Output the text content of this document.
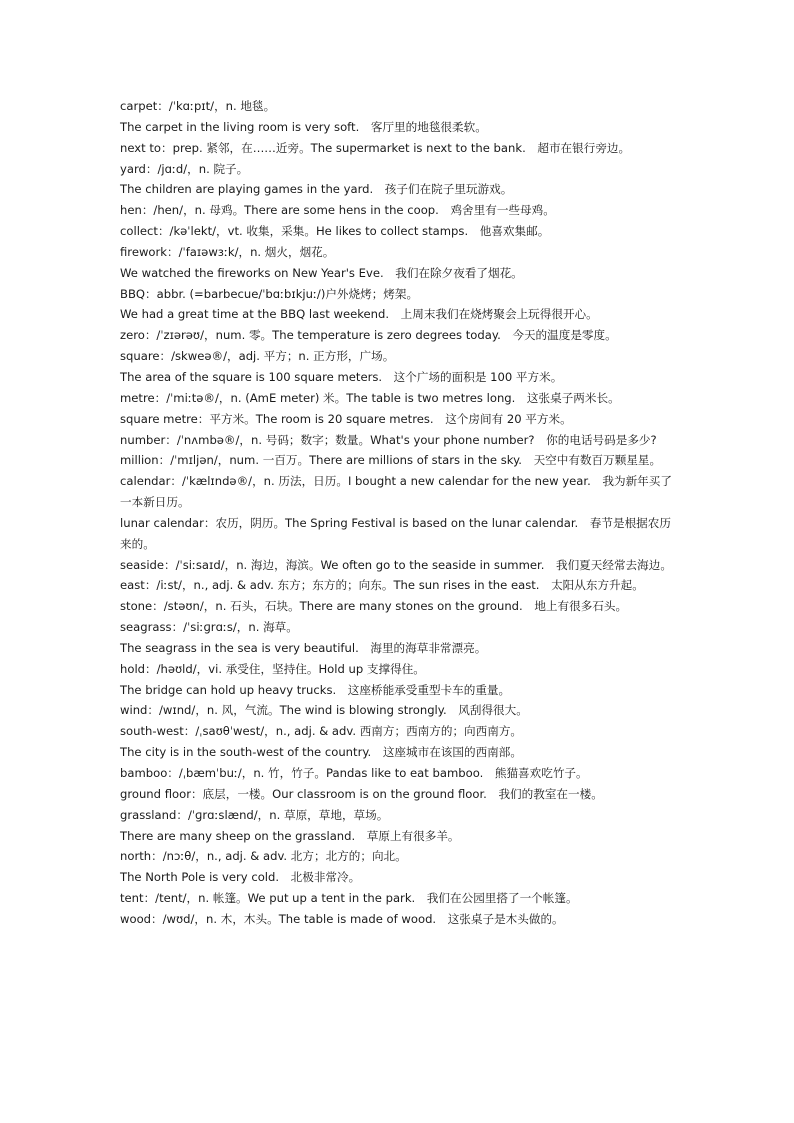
carpet：/ˈkɑːpɪt/，n. 地毯。

The carpet in the living room is very soft.　客厅里的地毯很柔软。

next to：prep. 紧邻，在……近旁。The supermarket is next to the bank.　超市在银行旁边。

yard：/jɑːd/，n. 院子。

The children are playing games in the yard.　孩子们在院子里玩游戏。

hen：/hen/，n. 母鸡。There are some hens in the coop.　鸡舍里有一些母鸡。

collect：/kəˈlekt/，vt. 收集，采集。He likes to collect stamps.　他喜欢集邮。

firework：/ˈfaɪəwɜːk/，n. 烟火，烟花。

We watched the fireworks on New Year's Eve.　我们在除夕夜看了烟花。

BBQ：abbr. (=barbecue/ˈbɑːbɪkjuː/)户外烧烤；烤架。

We had a great time at the BBQ last weekend.　上周末我们在烧烤聚会上玩得很开心。

zero：/ˈzɪərəʊ/，num. 零。The temperature is zero degrees today.　今天的温度是零度。

square：/skweə®/，adj. 平方；n. 正方形，广场。

The area of the square is 100 square meters.　这个广场的面积是 100 平方米。

metre：/ˈmiːtə®/，n. (AmE meter) 米。The table is two metres long.　这张桌子两米长。

square metre：平方米。The room is 20 square metres.　这个房间有 20 平方米。

number：/ˈnʌmbə®/，n. 号码；数字；数量。What's your phone number?　你的电话号码是多少?

million：/ˈmɪljən/，num. 一百万。There are millions of stars in the sky.　天空中有数百万颗星星。

calendar：/ˈkælɪndə®/，n. 历法，日历。I bought a new calendar for the new year.　我为新年买了一本新日历。

lunar calendar：农历，阴历。The Spring Festival is based on the lunar calendar.　春节是根据农历来的。

seaside：/ˈsiːsaɪd/，n. 海边，海滨。We often go to the seaside in summer.　我们夏天经常去海边。

east：/iːst/，n., adj. & adv. 东方；东方的；向东。The sun rises in the east.　太阳从东方升起。

stone：/stəʊn/，n. 石头，石块。There are many stones on the ground.　地上有很多石头。

seagrass：/ˈsiːɡrɑːs/，n. 海草。

The seagrass in the sea is very beautiful.　海里的海草非常漂亮。

hold：/həʊld/，vi. 承受住，坚持住。Hold up 支撑得住。

The bridge can hold up heavy trucks.　这座桥能承受重型卡车的重量。

wind：/wɪnd/，n. 风，气流。The wind is blowing strongly.　风刮得很大。

south-west：/ˌsaʊθˈwest/，n., adj. & adv. 西南方；西南方的；向西南方。

The city is in the south-west of the country.　这座城市在该国的西南部。

bamboo：/ˌbæmˈbuː/，n. 竹，竹子。Pandas like to eat bamboo.　熊猫喜欢吃竹子。

ground floor：底层，一楼。Our classroom is on the ground floor.　我们的教室在一楼。

grassland：/ˈɡrɑːslænd/，n. 草原，草地，草场。

There are many sheep on the grassland.　草原上有很多羊。

north：/nɔːθ/，n., adj. & adv. 北方；北方的；向北。

The North Pole is very cold.　北极非常冷。

tent：/tent/，n. 帐篷。We put up a tent in the park.　我们在公园里搭了一个帐篷。

wood：/wʊd/，n. 木，木头。The table is made of wood.　这张桌子是木头做的。
